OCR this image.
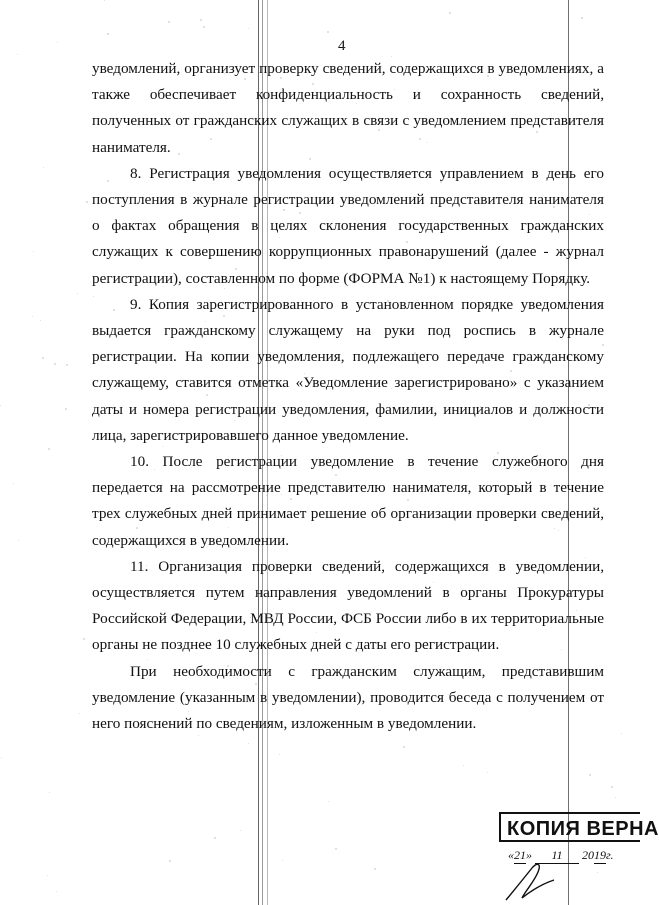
4

уведомлений, организует проверку сведений, содержащихся в уведомлениях, а также обеспечивает конфиденциальность и сохранность сведений, полученных от гражданских служащих в связи с уведомлением представителя нанимателя.

8. Регистрация уведомления осуществляется управлением в день его поступления в журнале регистрации уведомлений представителя нанимателя о фактах обращения в целях склонения государственных гражданских служащих к совершению коррупционных правонарушений (далее - журнал регистрации), составленном по форме (ФОРМА №1) к настоящему Порядку.

9. Копия зарегистрированного в установленном порядке уведомления выдается гражданскому служащему на руки под роспись в журнале регистрации. На копии уведомления, подлежащего передаче гражданскому служащему, ставится отметка «Уведомление зарегистрировано» с указанием даты и номера регистрации уведомления, фамилии, инициалов и должности лица, зарегистрировавшего данное уведомление.

10. После регистрации уведомление в течение служебного дня передается на рассмотрение представителю нанимателя, который в течение трех служебных дней принимает решение об организации проверки сведений, содержащихся в уведомлении.

11. Организация проверки сведений, содержащихся в уведомлении, осуществляется путем направления уведомлений в органы Прокуратуры Российской Федерации, МВД России, ФСБ России либо в их территориальные органы не позднее 10 служебных дней с даты его регистрации.

При необходимости с гражданским служащим, представившим уведомление (указанным в уведомлении), проводится беседа с получением от него пояснений по сведениям, изложенным в уведомлении.

КОПИЯ ВЕРНА
«21» 11 2019г.
